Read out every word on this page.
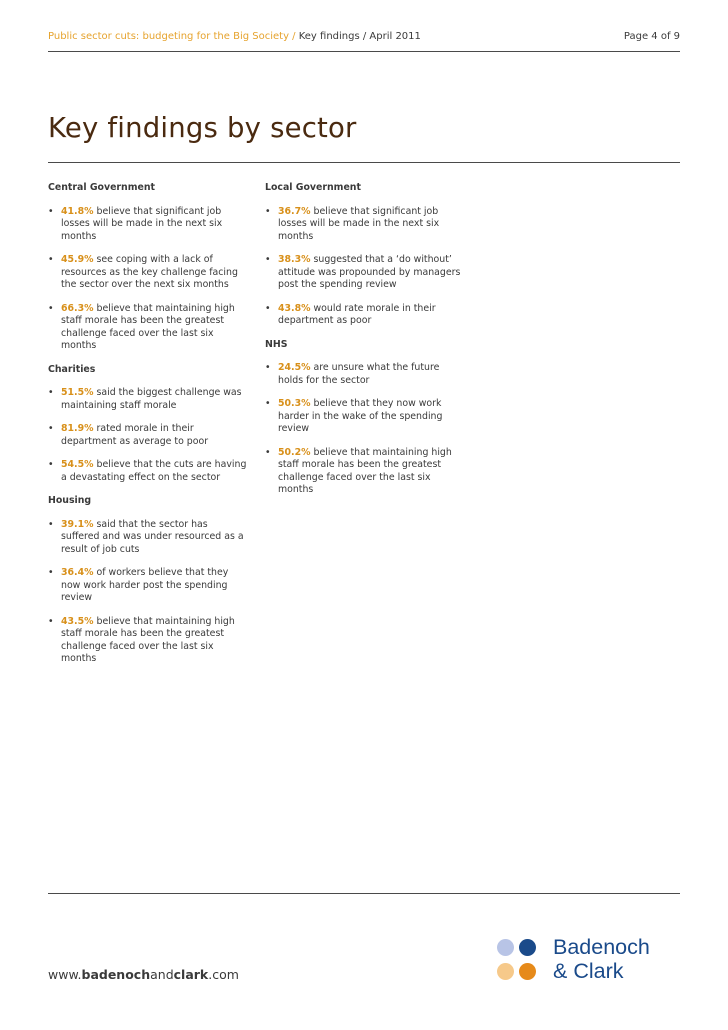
Public sector cuts: budgeting for the Big Society / Key findings / April 2011	Page 4 of 9
Key findings by sector
Central Government
• 41.8% believe that significant job losses will be made in the next six months
• 45.9% see coping with a lack of resources as the key challenge facing the sector over the next six months
• 66.3% believe that maintaining high staff morale has been the greatest challenge faced over the last six months
Charities
• 51.5% said the biggest challenge was maintaining staff morale
• 81.9% rated morale in their department as average to poor
• 54.5% believe that the cuts are having a devastating effect on the sector
Housing
• 39.1% said that the sector has suffered and was under resourced as a result of job cuts
• 36.4% of workers believe that they now work harder post the spending review
• 43.5% believe that maintaining high staff morale has been the greatest challenge faced over the last six months
Local Government
• 36.7% believe that significant job losses will be made in the next six months
• 38.3% suggested that a ‘do without’ attitude was propounded by managers post the spending review
• 43.8% would rate morale in their department as poor
NHS
• 24.5% are unsure what the future holds for the sector
• 50.3% believe that they now work harder in the wake of the spending review
• 50.2% believe that maintaining high staff morale has been the greatest challenge faced over the last six months
www.badenochandclark.com
Badenoch
& Clark
